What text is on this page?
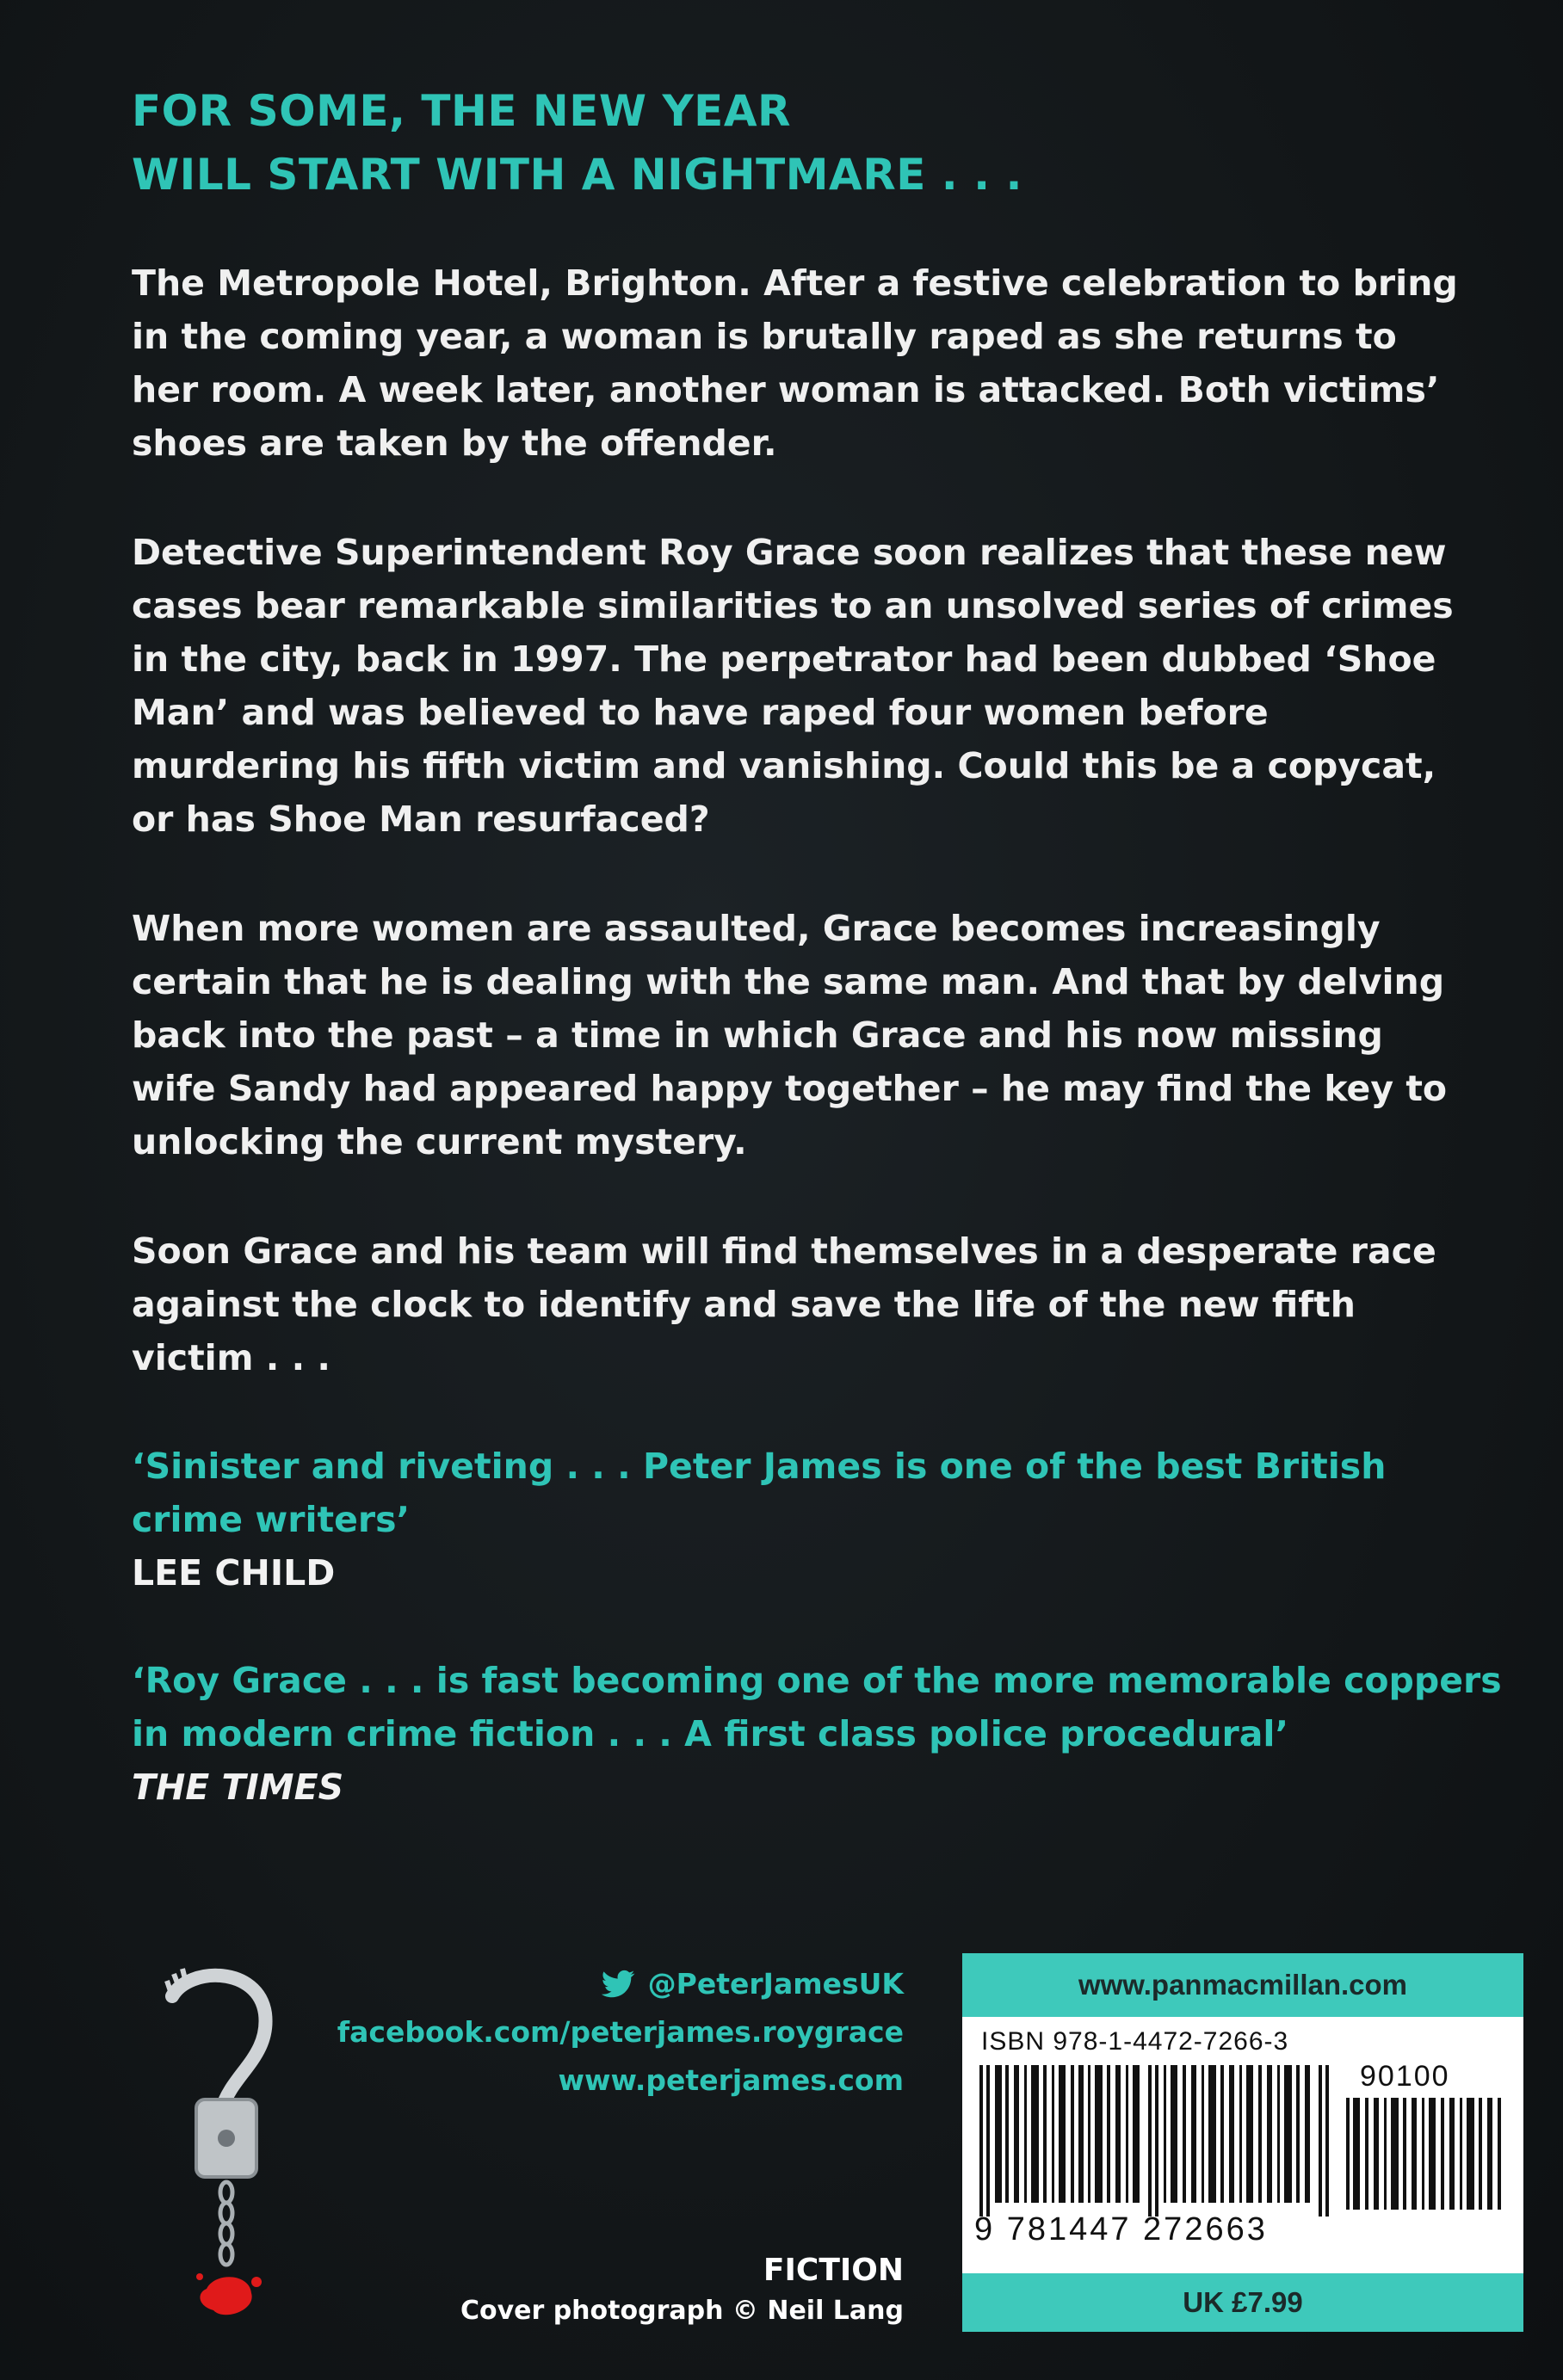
FOR SOME, THE NEW YEAR
WILL START WITH A NIGHTMARE . . .
The Metropole Hotel, Brighton. After a festive celebration to bring in the coming year, a woman is brutally raped as she returns to her room. A week later, another woman is attacked. Both victims’ shoes are taken by the offender.
Detective Superintendent Roy Grace soon realizes that these new cases bear remarkable similarities to an unsolved series of crimes in the city, back in 1997. The perpetrator had been dubbed ‘Shoe Man’ and was believed to have raped four women before murdering his fifth victim and vanishing. Could this be a copycat, or has Shoe Man resurfaced?
When more women are assaulted, Grace becomes increasingly certain that he is dealing with the same man. And that by delving back into the past – a time in which Grace and his now missing wife Sandy had appeared happy together – he may find the key to unlocking the current mystery.
Soon Grace and his team will find themselves in a desperate race against the clock to identify and save the life of the new fifth victim . . .
‘Sinister and riveting . . . Peter James is one of the best British crime writers’
LEE CHILD
‘Roy Grace . . . is fast becoming one of the more memorable coppers in modern crime fiction . . . A first class police procedural’
THE TIMES
@PeterJamesUK
facebook.com/peterjames.roygrace
www.peterjames.com
FICTION
Cover photograph © Neil Lang
www.panmacmillan.com
ISBN 978-1-4472-7266-3
90100
9 781447 272663
UK £7.99
